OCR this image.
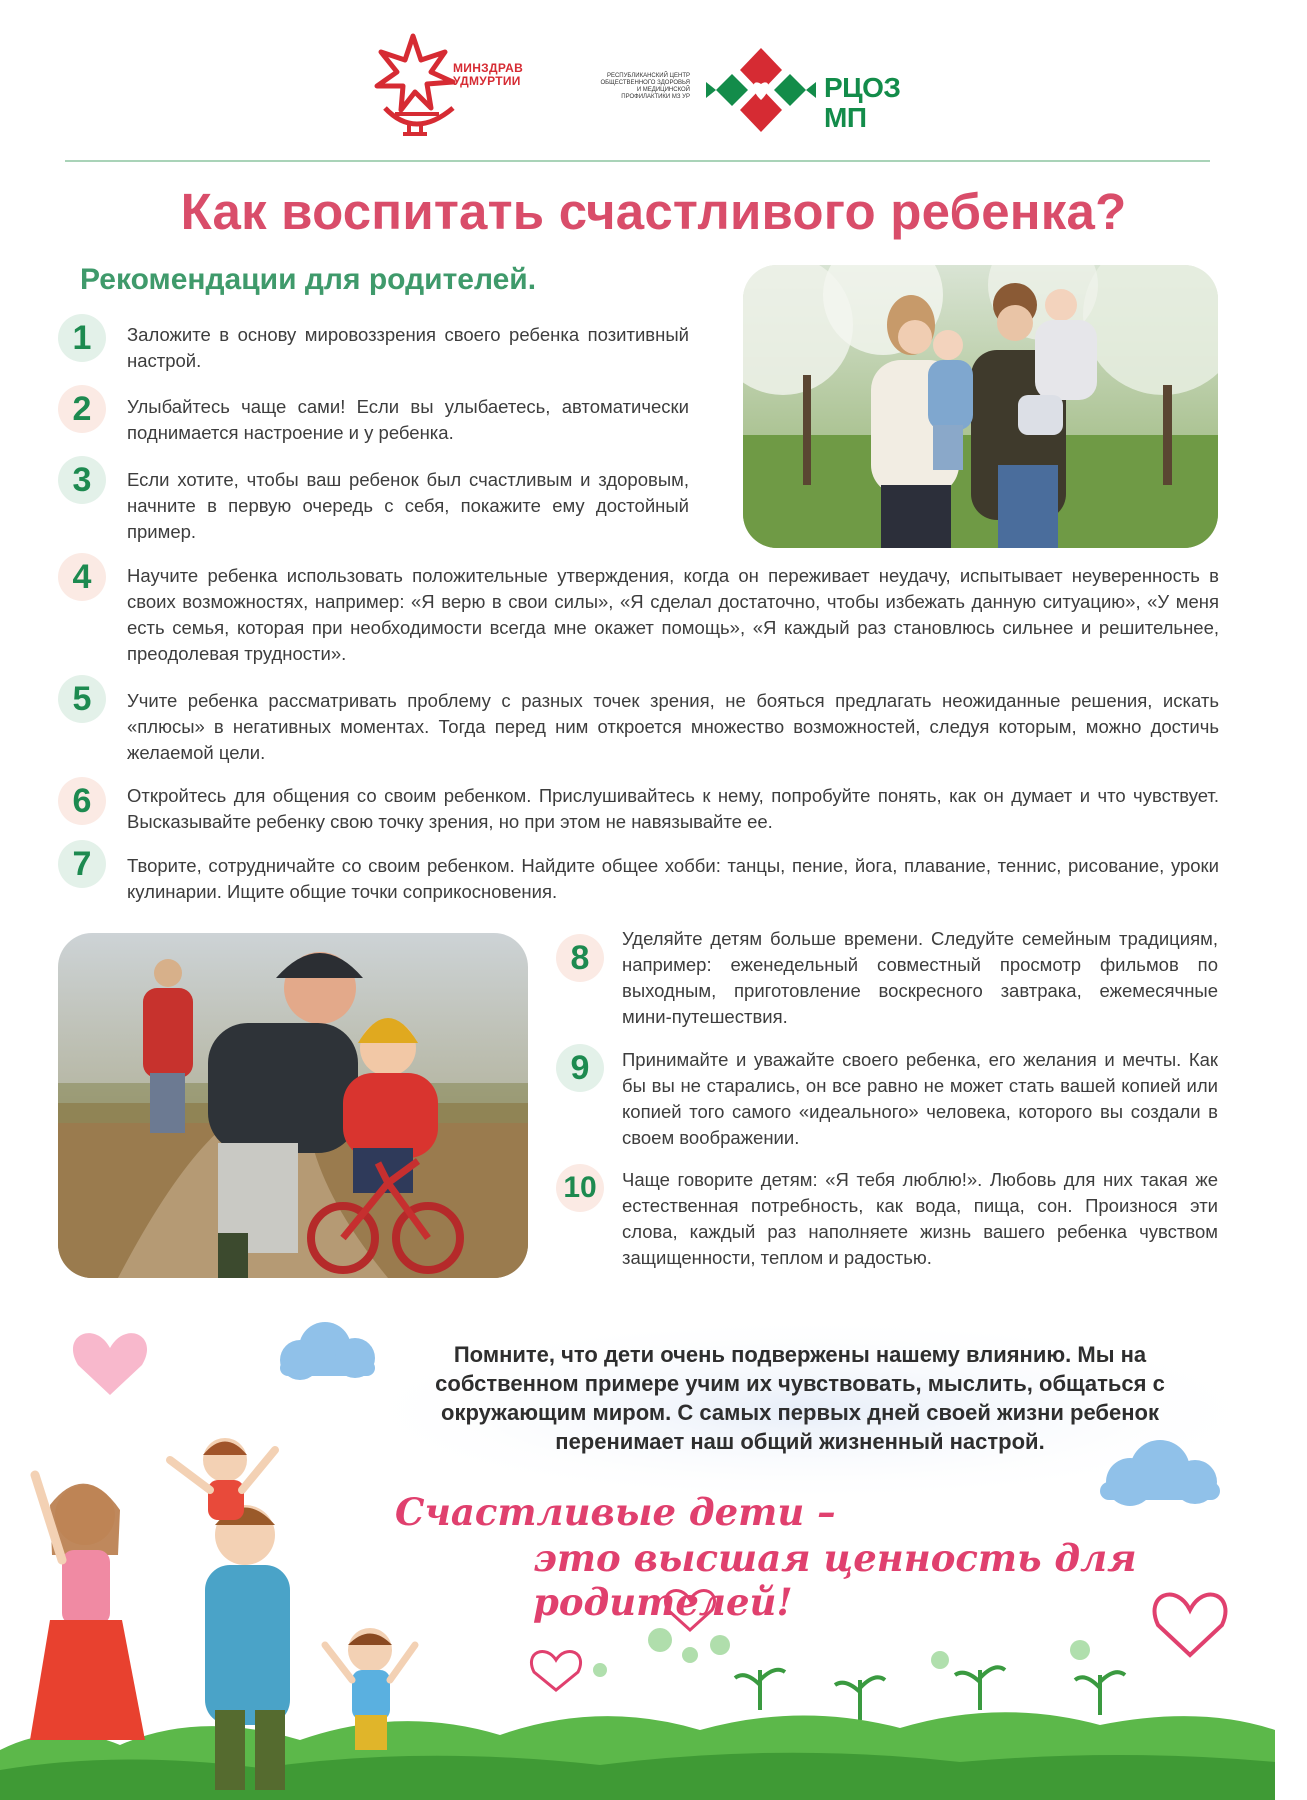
МИНЗДРАВ
УДМУРТИИ	РЕСПУБЛИКАНСКИЙ ЦЕНТР ОБЩЕСТВЕННОГО ЗДОРОВЬЯ И МЕДИЦИНСКОЙ ПРОФИЛАКТИКИ МЗ УР	РЦОЗ МП
Как воспитать счастливого ребенка?
Рекомендации для родителей.
1	Заложите в основу мировоззрения своего ребенка позитивный настрой.

2	Улыбайтесь чаще сами! Если вы улыбаетесь, автоматически поднимается настроение и у ребенка.

3	Если хотите, чтобы ваш ребенок был счастливым и здоровым, начните в первую очередь с себя, покажите ему достойный пример.

4	Научите ребенка использовать положительные утверждения, когда он переживает неудачу, испытывает неуверенность в своих возможностях, например: «Я верю в свои силы», «Я сделал достаточно, чтобы избежать данную ситуацию», «У меня есть семья, которая при необходимости всегда мне окажет помощь», «Я каждый раз становлюсь сильнее и решительнее, преодолевая трудности».

5	Учите ребенка рассматривать проблему с разных точек зрения, не бояться предлагать неожиданные решения, искать «плюсы» в негативных моментах. Тогда перед ним откроется множество возможностей, следуя которым, можно достичь желаемой цели.

6	Откройтесь для общения со своим ребенком. Прислушивайтесь к нему, попробуйте понять, как он думает и что чувствует. Высказывайте ребенку свою точку зрения, но при этом не навязывайте ее.

7	Творите, сотрудничайте со своим ребенком. Найдите общее хобби: танцы, пение, йога, плавание, теннис, рисование, уроки кулинарии. Ищите общие точки соприкосновения.

8

Уделяйте детям больше времени. Следуйте семейным традициям, например: еженедельный совместный просмотр фильмов по выходным, приготовление воскресного завтрака, ежемесячные мини-путешествия.

9	Принимайте и уважайте своего ребенка, его желания и мечты. Как бы вы не старались, он все равно не может стать вашей копией или копией того самого «идеального» человека, которого вы создали в своем воображении.

10	Чаще говорите детям: «Я тебя люблю!». Любовь для них такая же естественная потребность, как вода, пища, сон. Произнося эти слова, каждый раз наполняете жизнь вашего ребенка чувством защищенности, теплом и радостью.

Помните, что дети очень подвержены нашему влиянию. Мы на собственном примере учим их чувствовать, мыслить, общаться с окружающим миром. С самых первых дней своей жизни ребенок перенимает наш общий жизненный настрой.
Счастливые дети –
это высшая ценность для родителей!
